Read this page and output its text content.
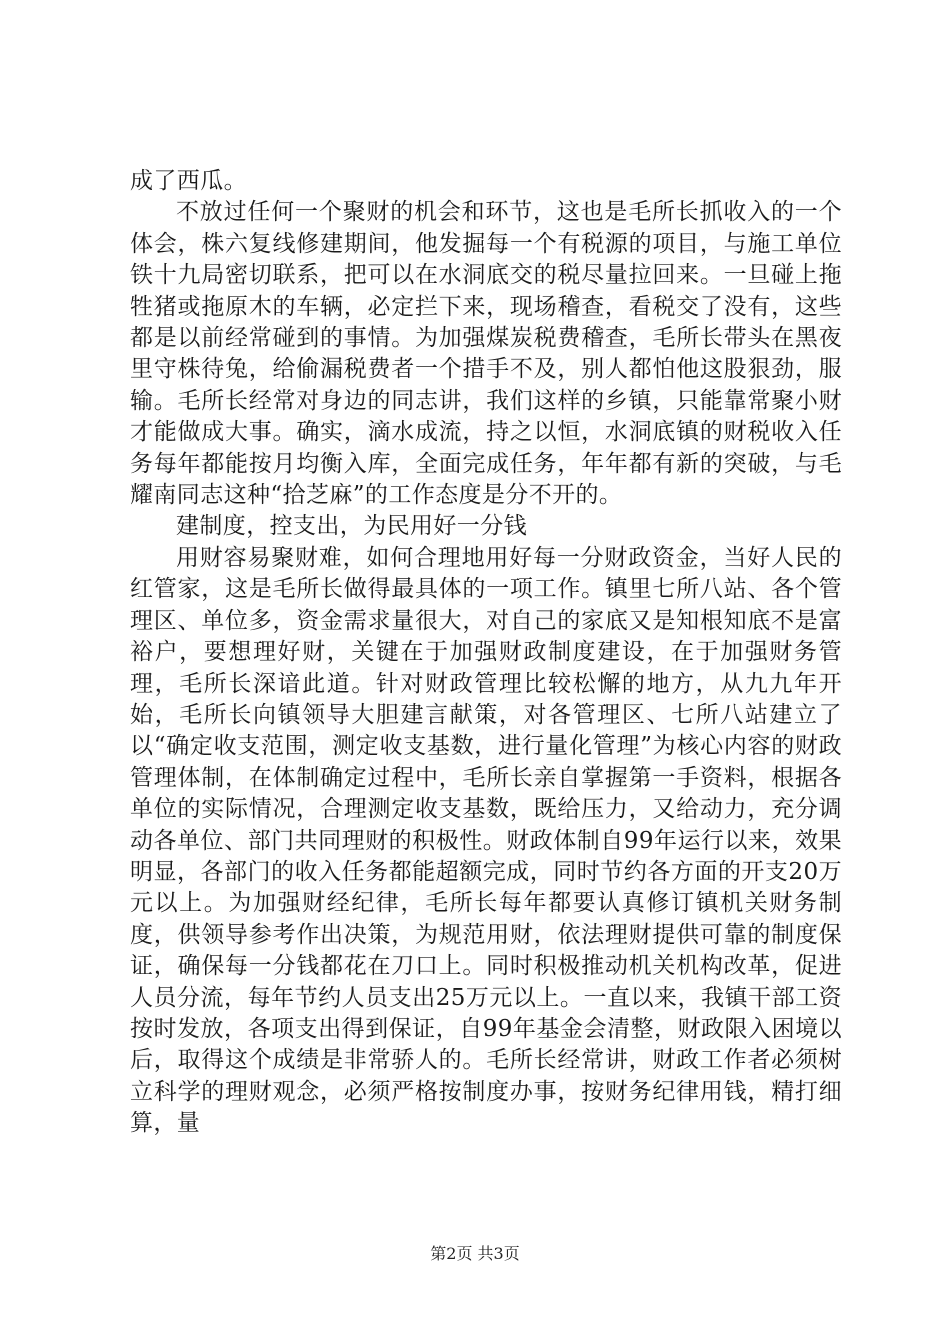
成了西瓜。

不放过任何一个聚财的机会和环节，这也是毛所长抓收入的一个体会，株六复线修建期间，他发掘每一个有税源的项目，与施工单位铁十九局密切联系，把可以在水洞底交的税尽量拉回来。一旦碰上拖牲猪或拖原木的车辆，必定拦下来，现场稽查，看税交了没有，这些都是以前经常碰到的事情。为加强煤炭税费稽查，毛所长带头在黑夜里守株待兔，给偷漏税费者一个措手不及，别人都怕他这股狠劲，服输。毛所长经常对身边的同志讲，我们这样的乡镇，只能靠常聚小财才能做成大事。确实，滴水成流，持之以恒，水洞底镇的财税收入任务每年都能按月均衡入库，全面完成任务，年年都有新的突破，与毛耀南同志这种“拾芝麻”的工作态度是分不开的。

建制度，控支出，为民用好一分钱

用财容易聚财难，如何合理地用好每一分财政资金，当好人民的红管家，这是毛所长做得最具体的一项工作。镇里七所八站、各个管理区、单位多，资金需求量很大，对自己的家底又是知根知底不是富裕户，要想理好财，关键在于加强财政制度建设，在于加强财务管理，毛所长深谙此道。针对财政管理比较松懈的地方，从九九年开始，毛所长向镇领导大胆建言献策，对各管理区、七所八站建立了以“确定收支范围，测定收支基数，进行量化管理”为核心内容的财政管理体制，在体制确定过程中，毛所长亲自掌握第一手资料，根据各单位的实际情况，合理测定收支基数，既给压力，又给动力，充分调动各单位、部门共同理财的积极性。财政体制自99年运行以来，效果明显，各部门的收入任务都能超额完成，同时节约各方面的开支20万元以上。为加强财经纪律，毛所长每年都要认真修订镇机关财务制度，供领导参考作出决策，为规范用财，依法理财提供可靠的制度保证，确保每一分钱都花在刀口上。同时积极推动机关机构改革，促进人员分流，每年节约人员支出25万元以上。一直以来，我镇干部工资按时发放，各项支出得到保证，自99年基金会清整，财政限入困境以后，取得这个成绩是非常骄人的。毛所长经常讲，财政工作者必须树立科学的理财观念，必须严格按制度办事，按财务纪律用钱，精打细算，量

第2页 共3页
